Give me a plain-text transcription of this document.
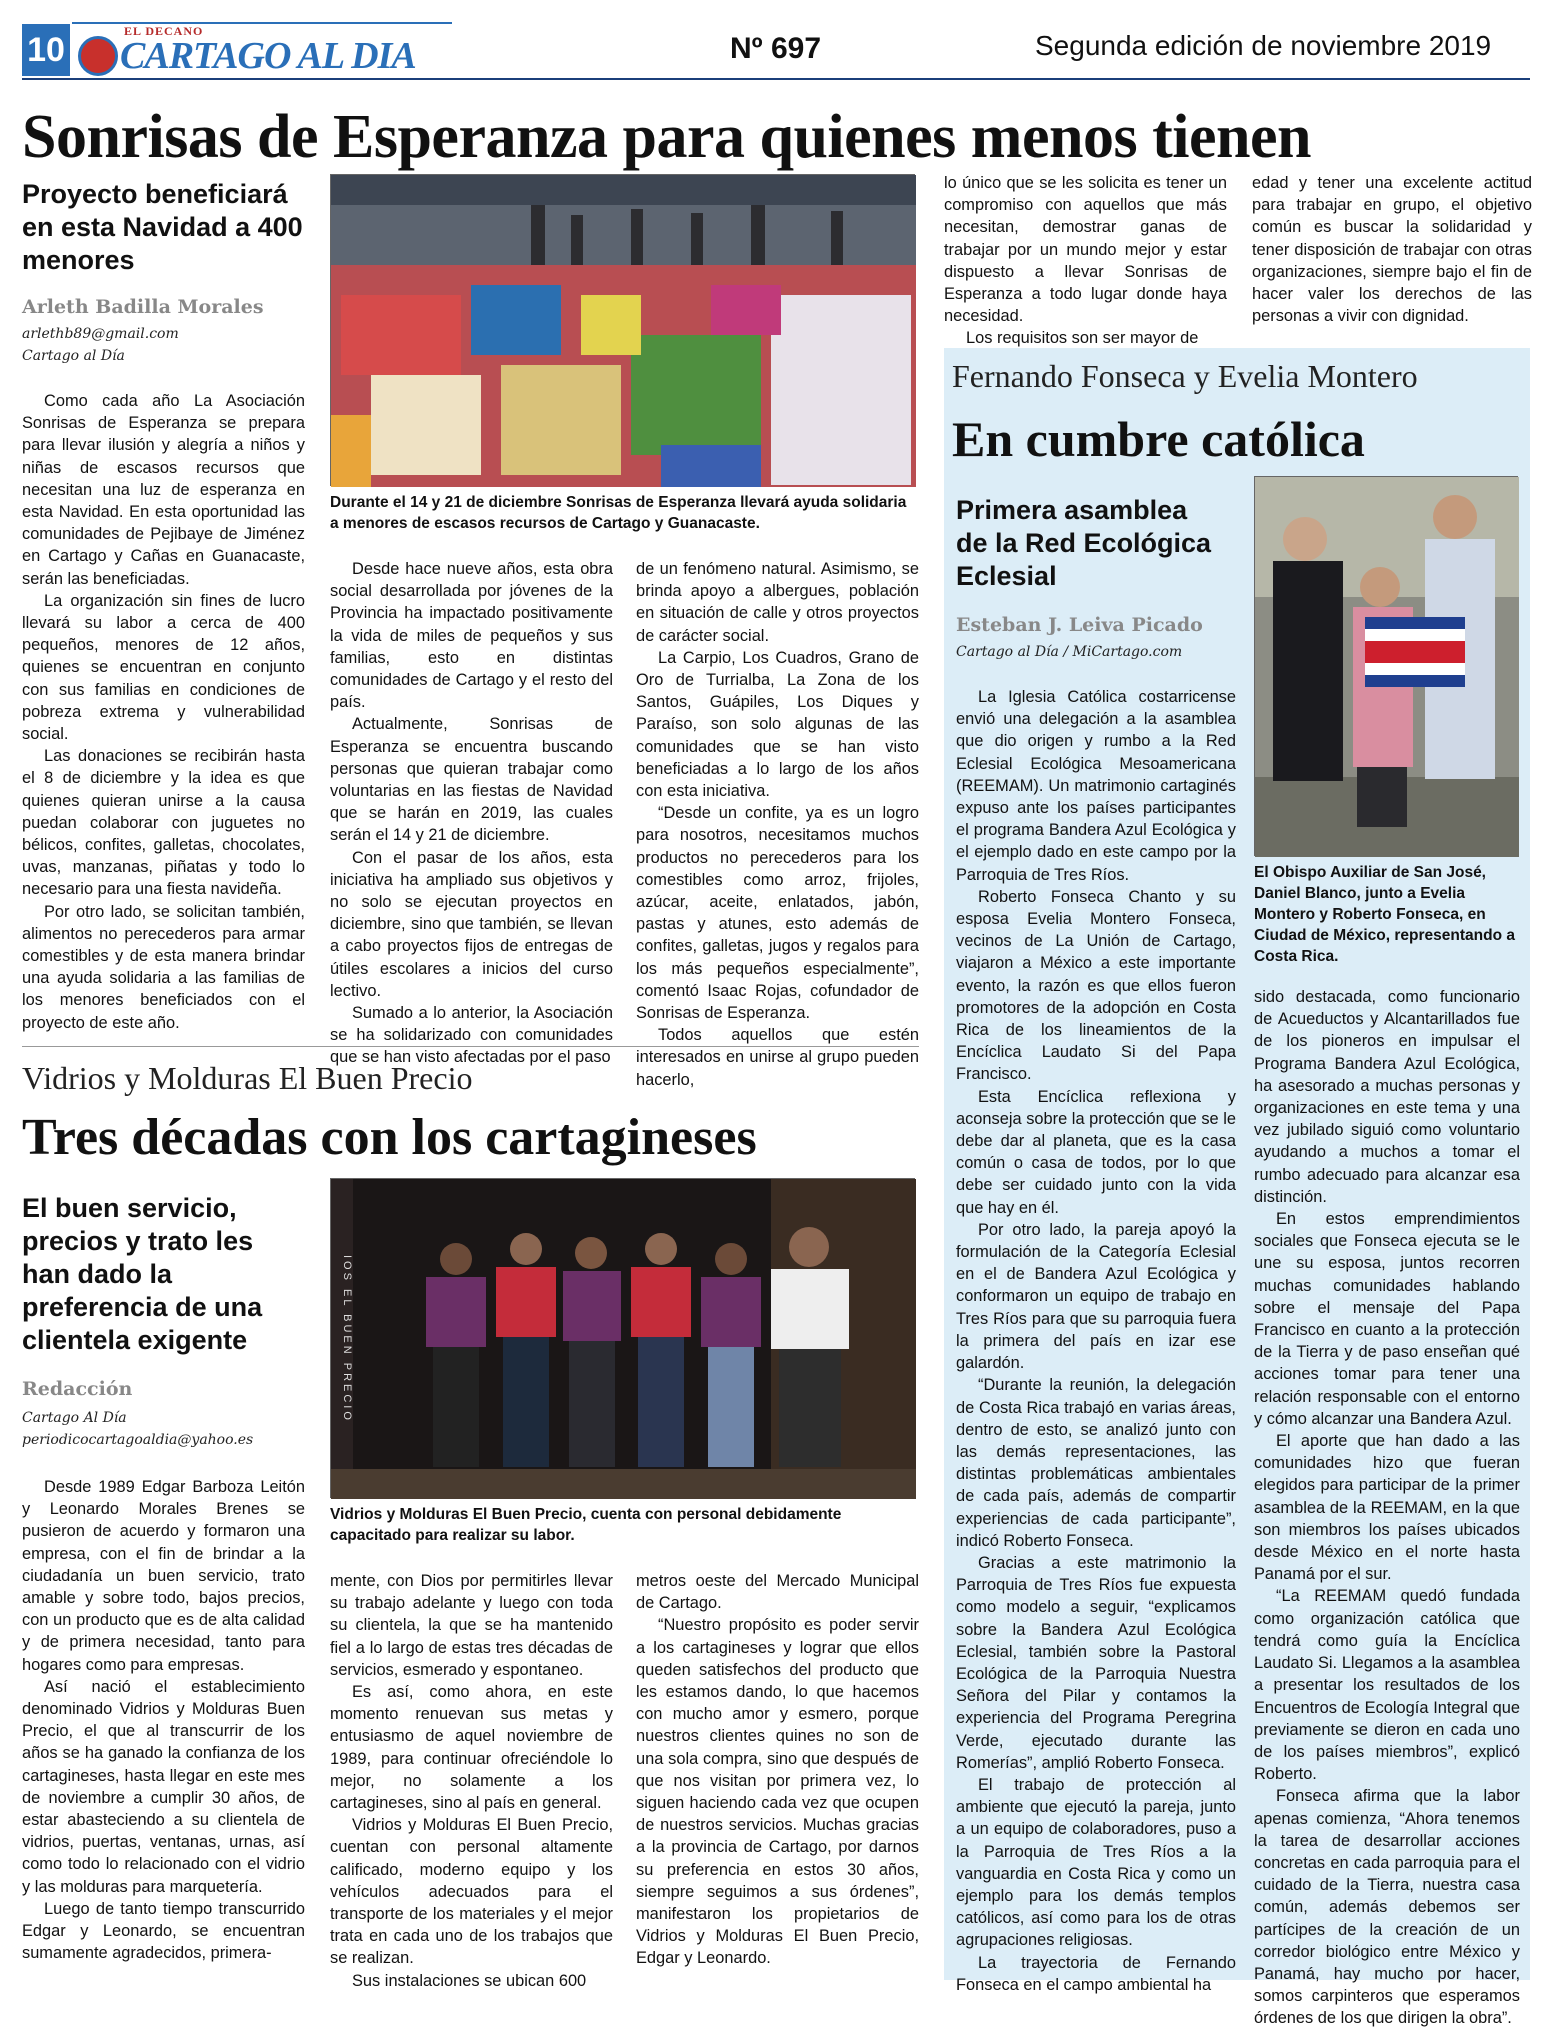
10	EL DECANO
CARTAGO AL DIA	Nº 697	Segunda edición de noviembre 2019
Sonrisas de Esperanza para quienes menos tienen
Proyecto beneficiará en esta Navidad a 400 menores
Arleth Badilla Morales
arlethb89@gmail.com
Cartago al Día

Como cada año La Asociación Sonrisas de Esperanza se prepara para llevar ilusión y alegría a niños y niñas de escasos recursos que necesitan una luz de esperanza en esta Navidad. En esta oportunidad las comunidades de Pejibaye de Jiménez en Cartago y Cañas en Guanacaste, serán las beneficiadas.

La organización sin fines de lucro llevará su labor a cerca de 400 pequeños, menores de 12 años, quienes se encuentran en conjunto con sus familias en condiciones de pobreza extrema y vulnerabilidad social.

Las donaciones se recibirán hasta el 8 de diciembre y la idea es que quienes quieran unirse a la causa puedan colaborar con juguetes no bélicos, confites, galletas, chocolates, uvas, manzanas, piñatas y todo lo necesario para una fiesta navideña.

Por otro lado, se solicitan también, alimentos no perecederos para armar comestibles y de esta manera brindar una ayuda solidaria a las familias de los menores beneficiados con el proyecto de este año.

Durante el 14 y 21 de diciembre Sonrisas de Esperanza llevará ayuda solidaria a menores de escasos recursos de Cartago y Guanacaste.

Desde hace nueve años, esta obra social desarrollada por jóvenes de la Provincia ha impactado positivamente la vida de miles de pequeños y sus familias, esto en distintas comunidades de Cartago y el resto del país.

Actualmente, Sonrisas de Esperanza se encuentra buscando personas que quieran trabajar como voluntarias en las fiestas de Navidad que se harán en 2019, las cuales serán el 14 y 21 de diciembre.

Con el pasar de los años, esta iniciativa ha ampliado sus objetivos y no solo se ejecutan proyectos en diciembre, sino que también, se llevan a cabo proyectos fijos de entregas de útiles escolares a inicios del curso lectivo.

Sumado a lo anterior, la Asociación se ha solidarizado con comunidades que se han visto afectadas por el paso

de un fenómeno natural. Asimismo, se brinda apoyo a albergues, población en situación de calle y otros proyectos de carácter social.

La Carpio, Los Cuadros, Grano de Oro de Turrialba, La Zona de los Santos, Guápiles, Los Diques y Paraíso, son solo algunas de las comunidades que se han visto beneficiadas a lo largo de los años con esta iniciativa.

“Desde un confite, ya es un logro para nosotros, necesitamos muchos productos no perecederos para los comestibles como arroz, frijoles, azúcar, aceite, enlatados, jabón, pastas y atunes, esto además de confites, galletas, jugos y regalos para los más pequeños especialmente”, comentó Isaac Rojas, cofundador de Sonrisas de Esperanza.

Todos aquellos que estén interesados en unirse al grupo pueden hacerlo,

lo único que se les solicita es tener un compromiso con aquellos que más necesitan, demostrar ganas de trabajar por un mundo mejor y estar dispuesto a llevar Sonrisas de Esperanza a todo lugar donde haya necesidad.

Los requisitos son ser mayor de

edad y tener una excelente actitud para trabajar en grupo, el objetivo común es buscar la solidaridad y tener disposición de trabajar con otras organizaciones, siempre bajo el fin de hacer valer los derechos de las personas a vivir con dignidad.

Vidrios y Molduras El Buen Precio
Tres décadas con los cartagineses
El buen servicio, precios y trato les han dado la preferencia de una clientela exigente
Redacción
Cartago Al Día
periodicocartagoaldia@yahoo.es

Desde 1989 Edgar Barboza Leitón y Leonardo Morales Brenes se pusieron de acuerdo y formaron una empresa, con el fin de brindar a la ciudadanía un buen servicio, trato amable y sobre todo, bajos precios, con un producto que es de alta calidad y de primera necesidad, tanto para hogares como para empresas.

Así nació el establecimiento denominado Vidrios y Molduras Buen Precio, el que al transcurrir de los años se ha ganado la confianza de los cartagineses, hasta llegar en este mes de noviembre a cumplir 30 años, de estar abasteciendo a su clientela de vidrios, puertas, ventanas, urnas, así como todo lo relacionado con el vidrio y las molduras para marquetería.

Luego de tanto tiempo transcurrido Edgar y Leonardo, se encuentran sumamente agradecidos, primera-

IOS EL BUEN PRECIO
Vidrios y Molduras El Buen Precio, cuenta con personal debidamente capacitado para realizar su labor.

mente, con Dios por permitirles llevar su trabajo adelante y luego con toda su clientela, la que se ha mantenido fiel a lo largo de estas tres décadas de servicios, esmerado y espontaneo.

Es así, como ahora, en este momento renuevan sus metas y entusiasmo de aquel noviembre de 1989, para continuar ofreciéndole lo mejor, no solamente a los cartagineses, sino al país en general.

Vidrios y Molduras El Buen Precio, cuentan con personal altamente calificado, moderno equipo y los vehículos adecuados para el transporte de los materiales y el mejor trata en cada uno de los trabajos que se realizan.

Sus instalaciones se ubican 600

metros oeste del Mercado Municipal de Cartago.

“Nuestro propósito es poder servir a los cartagineses y lograr que ellos queden satisfechos del producto que les estamos dando, lo que hacemos con mucho amor y esmero, porque nuestros clientes quines no son de una sola compra, sino que después de que nos visitan por primera vez, lo siguen haciendo cada vez que ocupen de nuestros servicios. Muchas gracias a la provincia de Cartago, por darnos su preferencia en estos 30 años, siempre seguimos a sus órdenes”, manifestaron los propietarios de Vidrios y Molduras El Buen Precio, Edgar y Leonardo.

Fernando Fonseca y Evelia Montero
En cumbre católica
Primera asamblea de la Red Ecológica Eclesial
Esteban J. Leiva Picado
Cartago al Día / MiCartago.com
El Obispo Auxiliar de San José, Daniel Blanco, junto a Evelia Montero y Roberto Fonseca, en Ciudad de México, representando a Costa Rica.

La Iglesia Católica costarricense envió una delegación a la asamblea que dio origen y rumbo a la Red Eclesial Ecológica Mesoamericana (REEMAM). Un matrimonio cartaginés expuso ante los países participantes el programa Bandera Azul Ecológica y el ejemplo dado en este campo por la Parroquia de Tres Ríos.

Roberto Fonseca Chanto y su esposa Evelia Montero Fonseca, vecinos de La Unión de Cartago, viajaron a México a este importante evento, la razón es que ellos fueron promotores de la adopción en Costa Rica de los lineamientos de la Encíclica Laudato Si del Papa Francisco.

Esta Encíclica reflexiona y aconseja sobre la protección que se le debe dar al planeta, que es la casa común o casa de todos, por lo que debe ser cuidado junto con la vida que hay en él.

Por otro lado, la pareja apoyó la formulación de la Categoría Eclesial en el de Bandera Azul Ecológica y conformaron un equipo de trabajo en Tres Ríos para que su parroquia fuera la primera del país en izar ese galardón.

“Durante la reunión, la delegación de Costa Rica trabajó en varias áreas, dentro de esto, se analizó junto con las demás representaciones, las distintas problemáticas ambientales de cada país, además de compartir experiencias de cada participante”, indicó Roberto Fonseca.

Gracias a este matrimonio la Parroquia de Tres Ríos fue expuesta como modelo a seguir, “explicamos sobre la Bandera Azul Ecológica Eclesial, también sobre la Pastoral Ecológica de la Parroquia Nuestra Señora del Pilar y contamos la experiencia del Programa Peregrina Verde, ejecutado durante las Romerías”, amplió Roberto Fonseca.

El trabajo de protección al ambiente que ejecutó la pareja, junto a un equipo de colaboradores, puso a la Parroquia de Tres Ríos a la vanguardia en Costa Rica y como un ejemplo para los demás templos católicos, así como para los de otras agrupaciones religiosas.

La trayectoria de Fernando Fonseca en el campo ambiental ha

sido destacada, como funcionario de Acueductos y Alcantarillados fue de los pioneros en impulsar el Programa Bandera Azul Ecológica, ha asesorado a muchas personas y organizaciones en este tema y una vez jubilado siguió como voluntario ayudando a muchos a tomar el rumbo adecuado para alcanzar esa distinción.

En estos emprendimientos sociales que Fonseca ejecuta se le une su esposa, juntos recorren muchas comunidades hablando sobre el mensaje del Papa Francisco en cuanto a la protección de la Tierra y de paso enseñan qué acciones tomar para tener una relación responsable con el entorno y cómo alcanzar una Bandera Azul.

El aporte que han dado a las comunidades hizo que fueran elegidos para participar de la primer asamblea de la REEMAM, en la que son miembros los países ubicados desde México en el norte hasta Panamá por el sur.

“La REEMAM quedó fundada como organización católica que tendrá como guía la Encíclica Laudato Si. Llegamos a la asamblea a presentar los resultados de los Encuentros de Ecología Integral que previamente se dieron en cada uno de los países miembros”, explicó Roberto.

Fonseca afirma que la labor apenas comienza, “Ahora tenemos la tarea de desarrollar acciones concretas en cada parroquia para el cuidado de la Tierra, nuestra casa común, además debemos ser partícipes de la creación de un corredor biológico entre México y Panamá, hay mucho por hacer, somos carpinteros que esperamos órdenes de los que dirigen la obra”.
